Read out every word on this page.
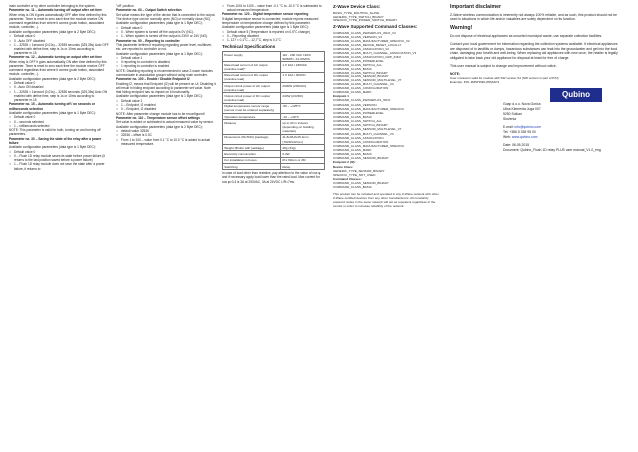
main controller or by other controller belonging to the system.
Parameter no. 11 – Automatic turning off output after set time
When relay is ON it goes automatically OFF after time defined by this parameter. Timer is reset to zero each time the module receive ON command regardless from where it comes (push button, associated module, controller,..).
Available configuration parameters (data type is 2 Byte DEC):
• Default value 0
• 0 - Auto OFF disabled
• 1 – 32535 = 1second (0,01s) – 32535 seconds (325,35s) Auto OFF enabled with define time, step is 1s or 10ms according to parameter nr.15
Parameter no. 12 – Automatic turning on output after set time
When relay is OFF it goes automatically ON after time defined by this parameter. Timer is reset to zero each time the module receive OFF command regardless from where it comes (push button, associated module, controller,..).
Available configuration parameters (data type is 2 Byte DEC):
• Default value 0
• 0 - Auto ON disabled
• 1 – 32535 = 1second (0,01s) – 32536 seconds (325,35s) Auto ON enabled with define time, step is 1s or 10ms according to parameter nr.15
Parameter no. 15 – Automatic turning off / on seconds or milliseconds selection
Available configuration parameters (data type is 1 Byte DEC):
• Default value 0
• 0 – seconds selected
• 1 – milliseconds selected
NOTE: This parameter is valid for both, turning on and turning off parameters.
Parameter no. 30 – Saving the state of the relay after a power failure
Available configuration parameters (data type is 1 Byte DEC):
• Default value 0
• 0 – Flush 1D relay module saves its state before power failure (it returns to the last position saved before a power failure)
• 1 – Flush 1D relay module does not save the state after a power failure, it returns to
"off" position
Parameter no. 63 – Output Switch selection
Set value means the type of the device that is connected to the output. The device type can be normally open (NO) or normally close (NC).
Available configuration parameters (data type is 1 Byte DEC):
• Default value 0
• 0 - When system is turned off the output is 0V (NC).
• 1 - When system is turned off the output is 230V or 24V (NO).
Parameter no. 90 – Reporting to controller
This parameter defines if reporting regarding power level, multilevel, etc. are reported to controller or not.
Available configuration parameters (data type is 1 Byte DEC):
• Default value 1
• 0 reporting to controller is disabled
• 1 reporting to controller is enabled
NOTE: Disabling reporting is recommended in case Z-wave modules communicate in association groups without using main controller.
Parameter no. 100 – Enable / Disable Endpoint I2
Enabling I2, means that Endpoint (I2) will be present on UI. Disabling it will result in hiding endpoint according to parameter set value. Note that hiding endpoint has no impact on it functionality.
Available configuration parameters (data type is 1 Byte DEC):
• Default value 1
• 1 – Endpoint, I2 enabled
• 0 – Endpoint, I2 disabled
NOTE: After parameter change module has to be reconfigured!
Parameter no. 110 – Temperature sensor offset settings
Set value is added or subtracted to actual measured value by sensor.
Available configuration parameters (data type is 2 Byte DEC):
• default value 32536
• 32536 – offset is 0.0C
• From 1 to 100 – value from 0.1 °C to 10.0 °C is added to actual measured temperature.
• From 1001 to 1100 – value from -0.1 °C to -10.0 °C is subtracted to actual measured temperature.
Parameter no. 120 – Digital temperature sensor reporting
If digital temperature sensor is connected, module reports measured temperature on temperature change defined by this parameter.
Available configuration parameters (data type is 1 Byte DEC):
• Default value 5 (Temperature is reported on 0.5°C change)
• 0 – Reporting disabled
• 1- 127 = 0,1°C – 12,7°C, step is 0,1°C
Technical Specifications
Power supply	110 - 230 VAC ±10% 50/60Hz, 24-30VDC
Rated load current of AC output (resistive load)*	1 X 10A / 230VAC
Rated load current of DC output (resistive load)	1 X 10A / 30VDC
Output circuit power of AC output (resistive load)	2300W (230VAC)
Output circuit power of DC output (resistive load)	240W (24VDC)
Digital temperature sensor range (sensor must be ordered separately)	-50 ~ +125°C
Operation temperature	-10 ~ +40°C
Distance	up to 30 m indoors (depending on building materials)
Dimensions (WxHxD) (package)	41,8x36,8x15.4mm (79x52x22mm)
Weight (Brutto with package)	28g (34g)
Electricity consumption	0,4W
For installation in boxes	Ø ≥ 60mm or 2M
Switching	Relay
In case of load other than resistive, pay attention to the value of cos φ and if necessary apply load lower than the rated load. Max current for cos φ=0,4 is 3A at 250VAC, 3A at 24VDC L/R=7ms.
Z-Wave Device Class:
BASIC_TYPE_ROUTING_SLAVE
GENERIC_TYPE_SWITCH_BINARY
SPECIFIC_TYPE_POWER_SWITCH_BINARY
Z-Wave Supported Command Classes:
COMMAND_CLASS_ZWAVEPLUS_INFO_V2
COMMAND_CLASS_VERSION_V2
COMMAND_CLASS_MANUFACTURER_SPECIFIC_V2
COMMAND_CLASS_DEVICE_RESET_LOCALLY
COMMAND_CLASS_ASSOCIATION_V2
COMMAND_CLASS_MULTI_CHANNEL_ASSOCIATION_V3
COMMAND_CLASS_ASSOCIATION_GRP_INFO
COMMAND_CLASS_POWERLEVEL
COMMAND_CLASS_SWITCH_ALL
COMMAND_CLASS_BASIC
COMMAND_CLASS_SWITCH_BINARY
COMMAND_CLASS_SENSOR_BINARY
COMMAND_CLASS_SENSOR_MULTILEVEL_V7
COMMAND_CLASS_MULTI_CHANNEL_V4
COMMAND_CLASS_CONFIGURATION
COMMAND_CLASS_MARK
Endpoint 1
COMMAND_CLASS_ZWAVEPLUS_INFO
COMMAND_CLASS_VERSION
COMMAND_CLASS_MANUFACTURER_SPECIFIC
COMMAND_CLASS_POWERLEVEL
COMMAND_CLASS_BASIC
COMMAND_CLASS_SWITCH_ALL
COMMAND_CLASS_SWITCH_BINARY
COMMAND_CLASS_SENSOR_MULTILEVEL_V7
COMMAND_CLASS_MULTI_CHANNEL_V4
COMMAND_CLASS_ASSOCIATION
COMMAND_CLASS_CONFIGURATION
COMMAND_CLASS_MANUFACTURER_SPECIFIC
COMMAND_CLASS_MARK
COMMAND_CLASS_BASIC
COMMAND_CLASS_SENSOR_BINARY
Endpoint 2 (I2):
Device Class:
GENERIC_TYPE_SENSOR_BINARY
SPECIFIC_TYPE_NOT_USED
Command Classes:
COMMAND_CLASS_SENSOR_BINARY
COMMAND_CLASS_BASIC
This product can be included and operated in any Z-Wave network with other Z-Wave certified devices from any other manufacturers. All constantly powered nodes in the same network will act as repeaters regardless of the vendor in order to increase reliability of the network.
Important disclaimer

Z-Wave wireless communication is inherently not always 100% reliable, and as such, this product should not be used in situations in which life and/or valuables are solely dependent on its function.

Warning!

Do not dispose of electrical appliances as unsorted municipal waste, use separate collection facilities.

Contact your local government for information regarding the collection systems available. If electrical appliances are disposed of in landfills or dumps, hazardous substances can leak into the groundwater and get into the food chain, damaging your health and well-being. When replacing old appliances with new once, the retailer is legally obligated to take back your old appliance for disposal at least for free of charge.

This user manual is subject to change and improvement without notice.

NOTE:
User manual is valid for module with SW version S1 (SW version is part of P/N)
Example: P/N: ZMNHND1(H#)S1P1
Qubino
Goap d.o.o. Nova Gorica
Ulica Klementa Juga 007
5250 Solkan
Slovenia
E-mail: info@qubino.com
Tel: +386 5 335 95 00
Web: www.qubino.com
Date: 06.05.2015
Document: Qubino_Flush 1D relay PLUS user manual_V1.0_eng
